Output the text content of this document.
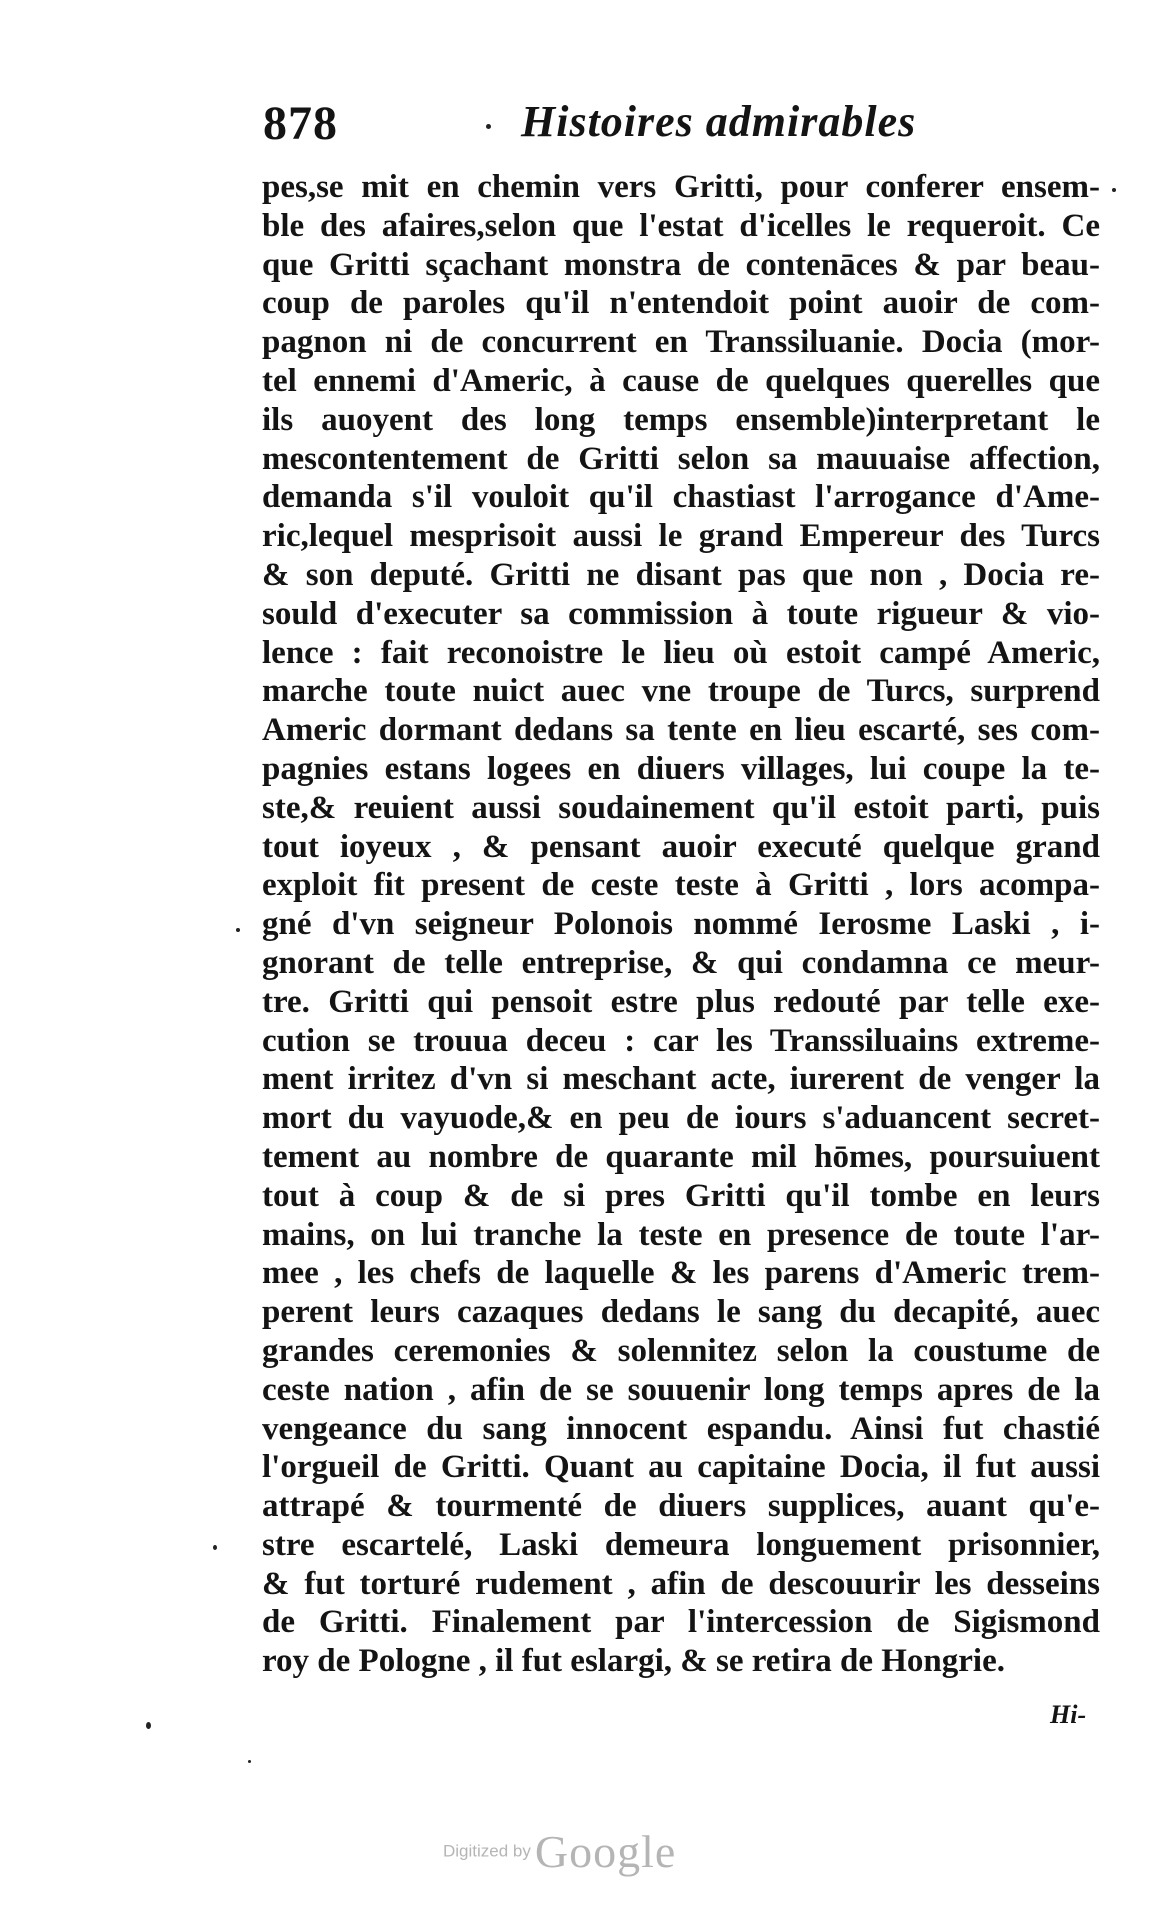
878	Histoires admirables
pes,se mit en chemin vers Gritti, pour conferer ensem-
ble des afaires,selon que l'estat d'icelles le requeroit. Ce
que Gritti sçachant monstra de contenāces & par beau-
coup de paroles qu'il n'entendoit point auoir de com-
pagnon ni de concurrent en Transsiluanie. Docia (mor-
tel ennemi d'Americ, à cause de quelques querelles que
ils auoyent des long temps ensemble)interpretant le
mescontentement de Gritti selon sa mauuaise affection,
demanda s'il vouloit qu'il chastiast l'arrogance d'Ame-
ric,lequel mesprisoit aussi le grand Empereur des Turcs
& son deputé. Gritti ne disant pas que non , Docia re-
sould d'executer sa commission à toute rigueur & vio-
lence : fait reconoistre le lieu où estoit campé Americ,
marche toute nuict auec vne troupe de Turcs, surprend
Americ dormant dedans sa tente en lieu escarté, ses com-
pagnies estans logees en diuers villages, lui coupe la te-
ste,& reuient aussi soudainement qu'il estoit parti, puis
tout ioyeux , & pensant auoir executé quelque grand
exploit fit present de ceste teste à Gritti , lors acompa-
gné d'vn seigneur Polonois nommé Ierosme Laski , i-
gnorant de telle entreprise, & qui condamna ce meur-
tre. Gritti qui pensoit estre plus redouté par telle exe-
cution se trouua deceu : car les Transsiluains extreme-
ment irritez d'vn si meschant acte, iurerent de venger la
mort du vayuode,& en peu de iours s'aduancent secret-
tement au nombre de quarante mil hōmes, poursuiuent
tout à coup & de si pres Gritti qu'il tombe en leurs
mains, on lui tranche la teste en presence de toute l'ar-
mee , les chefs de laquelle & les parens d'Americ trem-
perent leurs cazaques dedans le sang du decapité, auec
grandes ceremonies & solennitez selon la coustume de
ceste nation , afin de se souuenir long temps apres de la
vengeance du sang innocent espandu. Ainsi fut chastié
l'orgueil de Gritti. Quant au capitaine Docia, il fut aussi
attrapé & tourmenté de diuers supplices, auant qu'e-
stre escartelé, Laski demeura longuement prisonnier,
& fut torturé rudement , afin de descouurir les desseins
de Gritti. Finalement par l'intercession de Sigismond
roy de Pologne , il fut eslargi, & se retira de Hongrie.
Hi-
Digitized by Google
